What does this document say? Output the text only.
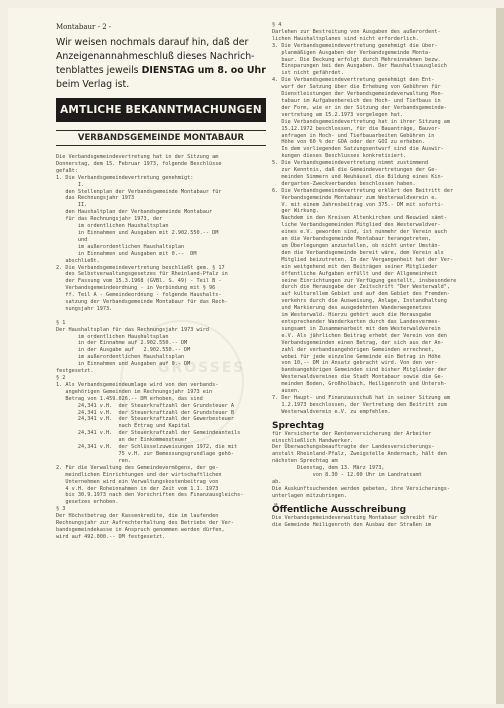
GROSSES
Montabaur - 2 -
Wir weisen nochmals darauf hin, daß der
Anzeigenannahmeschluß dieses Nachrich-
tenblattes jeweils DIENSTAG um 8. oo Uhr
beim Verlag ist.
AMTLICHE BEKANNTMACHUNGEN
VERBANDSGEMEINDE MONTABAUR
Die Verbandsgemeindevertretung hat in der Sitzung am
Donnerstag, dem 15. Februar 1973, folgende Beschlüsse
gefaßt:
1. Die Verbandsgemeindevertretung genehmigt:
I.
den Stellenplan der Verbandsgemeinde Montabaur für
das Rechnungsjahr 1973
II.
den Haushaltplan der Verbandsgemeinde Montabaur
für das Rechnungsjahr 1973, der
im ordentlichen Haushaltsplan
in Einnahmen und Ausgaben mit 2.902.550.-- DM
und
im außerordentlichen Haushaltsplan
in Einnahmen und Ausgaben mit 0.--  DM
abschließt.
2. Die Verbandsgemeindevertretung beschließt gem. § 17
des Selbstverwaltungsgesetzes für Rheinland-Pfalz in
der Fassung vom 15.3.1968 (GVBl. S. 49) - Teil B -
Verbandsgemeindeordnung - in Verbindung mit § 96
ff. Teil A - Gemeindeordnung - folgende Haushalts-
satzung der Verbandsgemeinde Montabaur für das Rech-
nungsjahr 1973.

§ 1
Der Haushaltsplan für das Rechnungsjahr 1973 wird
im ordentlichen Haushaltsplan
in der Einnahme auf 2.902.550.-- DM
in der Ausgabe auf   2.902.550.-- DM
im außerordentlichen Haushaltsplan
in Einnahmen und Ausgaben auf 0.- DM
festgesetzt.
§ 2
1. Als Verbandsgemeindeumlage wird von den verbands-
angehörigen Gemeinden im Rechnungsjahr 1973 ein
Betrag von 1.459.026.-- DM erhoben, das sind
24,341 v.H.  der Steuerkraftzahl der Grundsteuer A
24,341 v.H.  der Steuerkraftzahl der Grundsteuer B
24,341 v.H.  der Steuerkraftzahl der Gewerbesteuer
nach Ertrag und Kapital
24,341 v.H.  der Steuerkraftzahl der Gemeindeanteils
an der Einkommensteuer
24,341 v.H.  der Schlüsselzuweisungen 1972, die mit
75 v.H. zur Bemessungsgrundlage gehö-
ren.
2. Für die Verwaltung des Gemeindevermögens, der ge-
meindlichen Einrichtungen und der wirtschaftlichen
Unternehmen wird ein Verwaltungskostenbeitrag von
4 v.H. der Roheinnahmen in der Zeit vom 1.1. 1973
bis 30.9.1973 nach den Vorschriften des Finanzausgleichs-
gesetzes erhoben.
§ 3
Der Höchstbetrag der Kassenkredite, die im laufenden
Rechnungsjahr zur Aufrechterhaltung des Betriebs der Ver-
bandsgemeindekasse in Anspruch genommen werden dürfen,
wird auf 492.000.-- DM festgesetzt.
§ 4
Darlehen zur Bestreitung von Ausgaben des außerordent-
lichen Haushaltsplanes sind nicht erforderlich.
3. Die Verbandsgemeindevertretung genehmigt die über-
planmäßigen Ausgaben der Verbandsgemeinde Monta-
baur. Die Deckung erfolgt durch Mehreinnahmen bezw.
Einsparungen bei den Ausgaben. Der Haushaltsausgleich
ist nicht gefährdet.
4. Die Verbandsgemeindevertretung genehmigt den Ent-
wurf der Satzung über die Erhebung von Gebühren für
Dienstleistungen der Verbandsgemeindeverwaltung Mon-
tabaur im Aufgabenbereich des Hoch- und Tiefbaus in
der Form, wie er in der Sitzung der Verbandsgemeinde-
vertretung am 15.2.1973 vorgelegen hat.
Die Verbandsgemeindevertretung hat in ihrer Sitzung am
15.12.1972 beschlossen, für die Bauanträge, Bauvor-
anfragen in Hoch- und Tiefbauarbeiten Gebühren in
Höhe von 60 % der GOA oder der GOI zu erheben.
In dem vorliegenden Satzungsentwurf sind die Auswir-
kungen dieses Beschlusses konkretisiert.
5. Die Verbandsgemeindevertretung nimmt zustimmend
zur Kenntnis, daß die Gemeindevertretungen der Ge-
meinden Simmern und Neuhäusel die Bildung eines Kin-
dergarten-Zweckverbandes beschlossen haben.
6. Die Verbandsgemeindevertretung erklärt den Beitritt der
Verbandsgemeinde Montabaur zum Westerwaldverein e.
V. mit einem Jahresbeitrag von 375.- DM mit soforti-
ger Wirkung.
Nachdem in den Kreisen Altenkirchen und Neuwied sämt-
liche Verbandsgemeinden Mitglied des Westerwaldver-
eines e.V. geworden sind, ist nunmehr der Verein auch
an die Verbandsgemeinde Montabaur herangetreten,
um Überlegungen anzustellen, ob nicht unter Umstän-
den die Verbandsgemeinde bereit wäre, dem Verein als
Mitglied beizutreten. In der Vergangenheit hat der Ver-
ein weitgehend mit den Beiträgen seiner Mitglieder
öffentliche Aufgaben erfüllt und der Allgemeinheit
seine Einrichtungen zur Verfügung gestellt, insbesondere
durch die Herausgabe der Zeitschrift "Der Westerwald",
auf kulturellem Gebiet und auf dem Gebiet des Fremden-
verkehrs durch die Ausweisung, Anlage, Instandhaltung
und Markierung des ausgedehnten Wanderwegenetzes
im Westerwald. Hierzu gehört auch die Herausgabe
entsprechender Wanderkarten durch das Landesvermes-
sungsamt in Zusammenarbeit mit dem Westerwaldverein
e.V. Als jährlichen Beitrag erhebt der Verein von den
Verbandsgemeinden einen Betrag, der sich aus der An-
zahl der verbandsangehörigen Gemeinden errechnet,
wobei für jede einzelne Gemeinde ein Betrag in Höhe
von 10,-- DM in Ansatz gebracht wird. Von den ver-
bandsangehörigen Gemeinden sind bisher Mitglieder der
Westerwaldvereines die Stadt Montabaur sowie die Ge-
meinden Boden, Großholbach, Heiligenroth und Untersh-
ausen.
7. Der Haupt- und Finanzausschuß hat in seiner Sitzung am
1.2.1973 beschlossen, der Vertretung den Beitritt zum
Westerwaldverein e.V. zu empfehlen.
Sprechtag
für Versicherte der Rentenversicherung der Arbeiter
einschließlich Handwerker.
Der Überwachungsbeauftragte der Landesversicherungs-
anstalt Rheinland-Pfalz, Zweigstelle Andernach, hält den
nächsten Sprechtag am
Dienstag, dem 13. März 1973,
von 8.30 - 12.00 Uhr im Landratsamt
ab.
Die Auskunftsuchenden werden gebeten, ihre Versicherungs-
unterlagen mitzubringen.
Öffentliche Ausschreibung
Die Verbandsgemeindeverwaltung Montabaur schreibt für
die Gemeinde Heiligenroth den Ausbau der Straßen im
